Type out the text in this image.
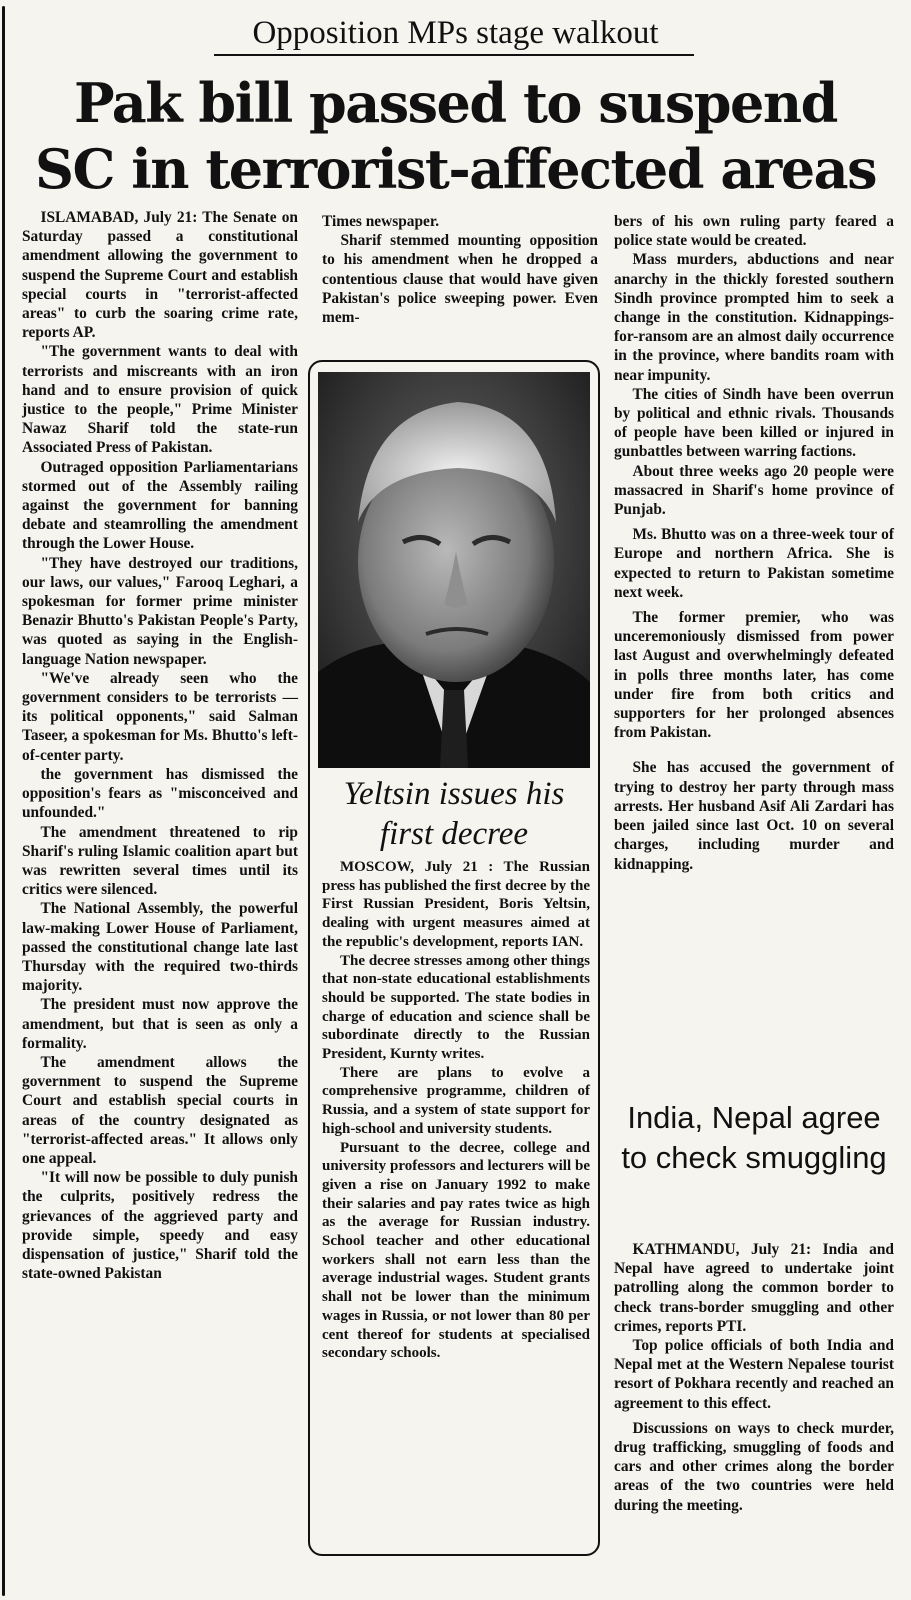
Opposition MPs stage walkout
Pak bill passed to suspend
SC in terrorist-affected areas

ISLAMABAD, July 21: The Senate on Saturday passed a constitutional amendment allowing the government to suspend the Supreme Court and establish special courts in "terrorist-affected areas" to curb the soaring crime rate, reports AP.

"The government wants to deal with terrorists and miscreants with an iron hand and to ensure provision of quick justice to the people," Prime Minister Nawaz Sharif told the state-run Associated Press of Pakistan.

Outraged opposition Parliamentarians stormed out of the Assembly railing against the government for banning debate and steamrolling the amendment through the Lower House.

"They have destroyed our traditions, our laws, our values," Farooq Leghari, a spokesman for former prime minister Benazir Bhutto's Pakistan People's Party, was quoted as saying in the English-language Nation newspaper.

"We've already seen who the government considers to be terrorists — its political opponents," said Salman Taseer, a spokesman for Ms. Bhutto's left-of-center party.

the government has dismissed the opposition's fears as "misconceived and unfounded."

The amendment threatened to rip Sharif's ruling Islamic coalition apart but was rewritten several times until its critics were silenced.

The National Assembly, the powerful law-making Lower House of Parliament, passed the constitutional change late last Thursday with the required two-thirds majority.

The president must now approve the amendment, but that is seen as only a formality.

The amendment allows the government to suspend the Supreme Court and establish special courts in areas of the country designated as "terrorist-affected areas." It allows only one appeal.

"It will now be possible to duly punish the culprits, positively redress the grievances of the aggrieved party and provide simple, speedy and easy dispensation of justice," Sharif told the state-owned Pakistan

Times newspaper.

Sharif stemmed mounting opposition to his amendment when he dropped a contentious clause that would have given Pakistan's police sweeping power. Even mem-

Yeltsin issues his first decree

MOSCOW, July 21 : The Russian press has published the first decree by the First Russian President, Boris Yeltsin, dealing with urgent measures aimed at the republic's development, reports IAN.

The decree stresses among other things that non-state educational establishments should be supported. The state bodies in charge of education and science shall be subordinate directly to the Russian President, Kurnty writes.

There are plans to evolve a comprehensive programme, children of Russia, and a system of state support for high-school and university students.

Pursuant to the decree, college and university professors and lecturers will be given a rise on January 1992 to make their salaries and pay rates twice as high as the average for Russian industry. School teacher and other educational workers shall not earn less than the average industrial wages. Student grants shall not be lower than the minimum wages in Russia, or not lower than 80 per cent thereof for students at specialised secondary schools.

bers of his own ruling party feared a police state would be created.

Mass murders, abductions and near anarchy in the thickly forested southern Sindh province prompted him to seek a change in the constitution. Kidnappings-for-ransom are an almost daily occurrence in the province, where bandits roam with near impunity.

The cities of Sindh have been overrun by political and ethnic rivals. Thousands of people have been killed or injured in gunbattles between warring factions.

About three weeks ago 20 people were massacred in Sharif's home province of Punjab.

Ms. Bhutto was on a three-week tour of Europe and northern Africa. She is expected to return to Pakistan sometime next week.

The former premier, who was unceremoniously dismissed from power last August and overwhelmingly defeated in polls three months later, has come under fire from both critics and supporters for her prolonged absences from Pakistan.

She has accused the government of trying to destroy her party through mass arrests. Her husband Asif Ali Zardari has been jailed since last Oct. 10 on several charges, including murder and kidnapping.

India, Nepal agree to check smuggling

KATHMANDU, July 21: India and Nepal have agreed to undertake joint patrolling along the common border to check trans-border smuggling and other crimes, reports PTI.

Top police officials of both India and Nepal met at the Western Nepalese tourist resort of Pokhara recently and reached an agreement to this effect.

Discussions on ways to check murder, drug trafficking, smuggling of foods and cars and other crimes along the border areas of the two countries were held during the meeting.
